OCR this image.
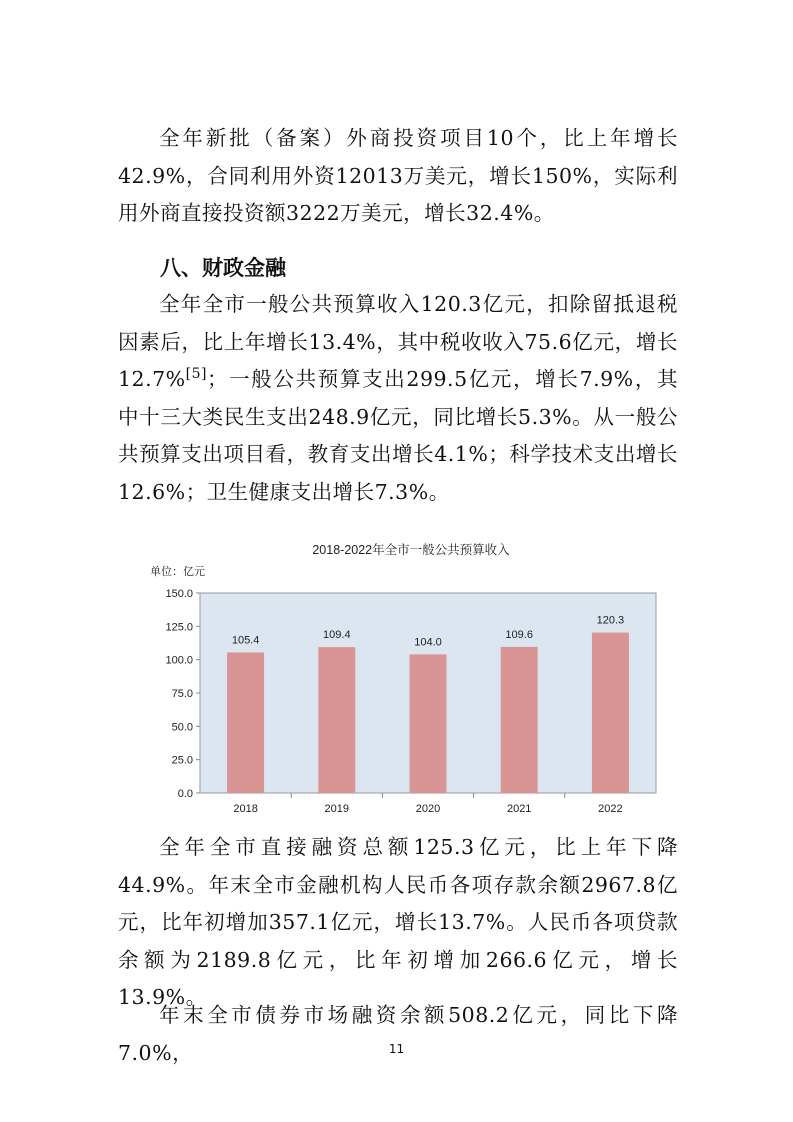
全年新批（备案）外商投资项目10个，比上年增长42.9%，合同利用外资12013万美元，增长150%，实际利用外商直接投资额3222万美元，增长32.4%。

八、财政金融

全年全市一般公共预算收入120.3亿元，扣除留抵退税因素后，比上年增长13.4%，其中税收收入75.6亿元，增长12.7%[5]；一般公共预算支出299.5亿元，增长7.9%，其中十三大类民生支出248.9亿元，同比增长5.3%。从一般公共预算支出项目看，教育支出增长4.1%；科学技术支出增长12.6%；卫生健康支出增长7.3%。

2018-2022年全市一般公共预算收入
单位：亿元
0.0
25.0
50.0
75.0
100.0
125.0
150.0
105.4	109.4
104.0
109.6
120.3
2018	2019	2020	2021	2022

全年全市直接融资总额125.3亿元，比上年下降44.9%。年末全市金融机构人民币各项存款余额2967.8亿元，比年初增加357.1亿元，增长13.7%。人民币各项贷款余额为2189.8亿元，比年初增加266.6亿元，增长13.9%。

年末全市债券市场融资余额508.2亿元，同比下降7.0%，	11
